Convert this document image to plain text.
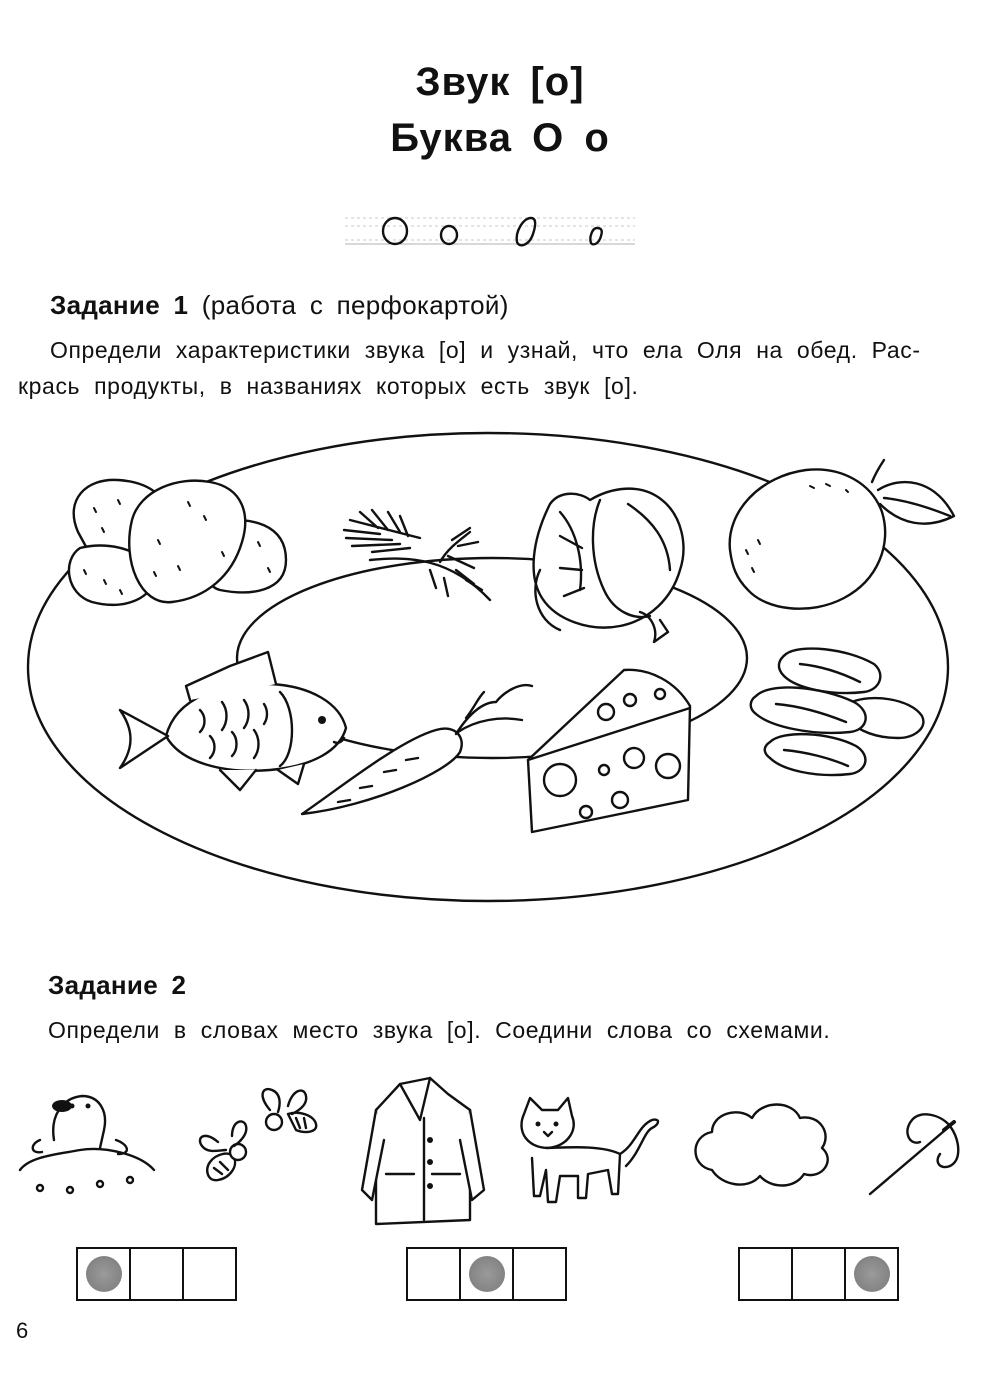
Звук [о]
Буква О о
Задание 1 (работа с перфокартой)
Определи характеристики звука [о] и узнай, что ела Оля на обед. Рас-
крась продукты, в названиях которых есть звук [о].
Задание 2
Определи в словах место звука [о]. Соедини слова со схемами.
6
